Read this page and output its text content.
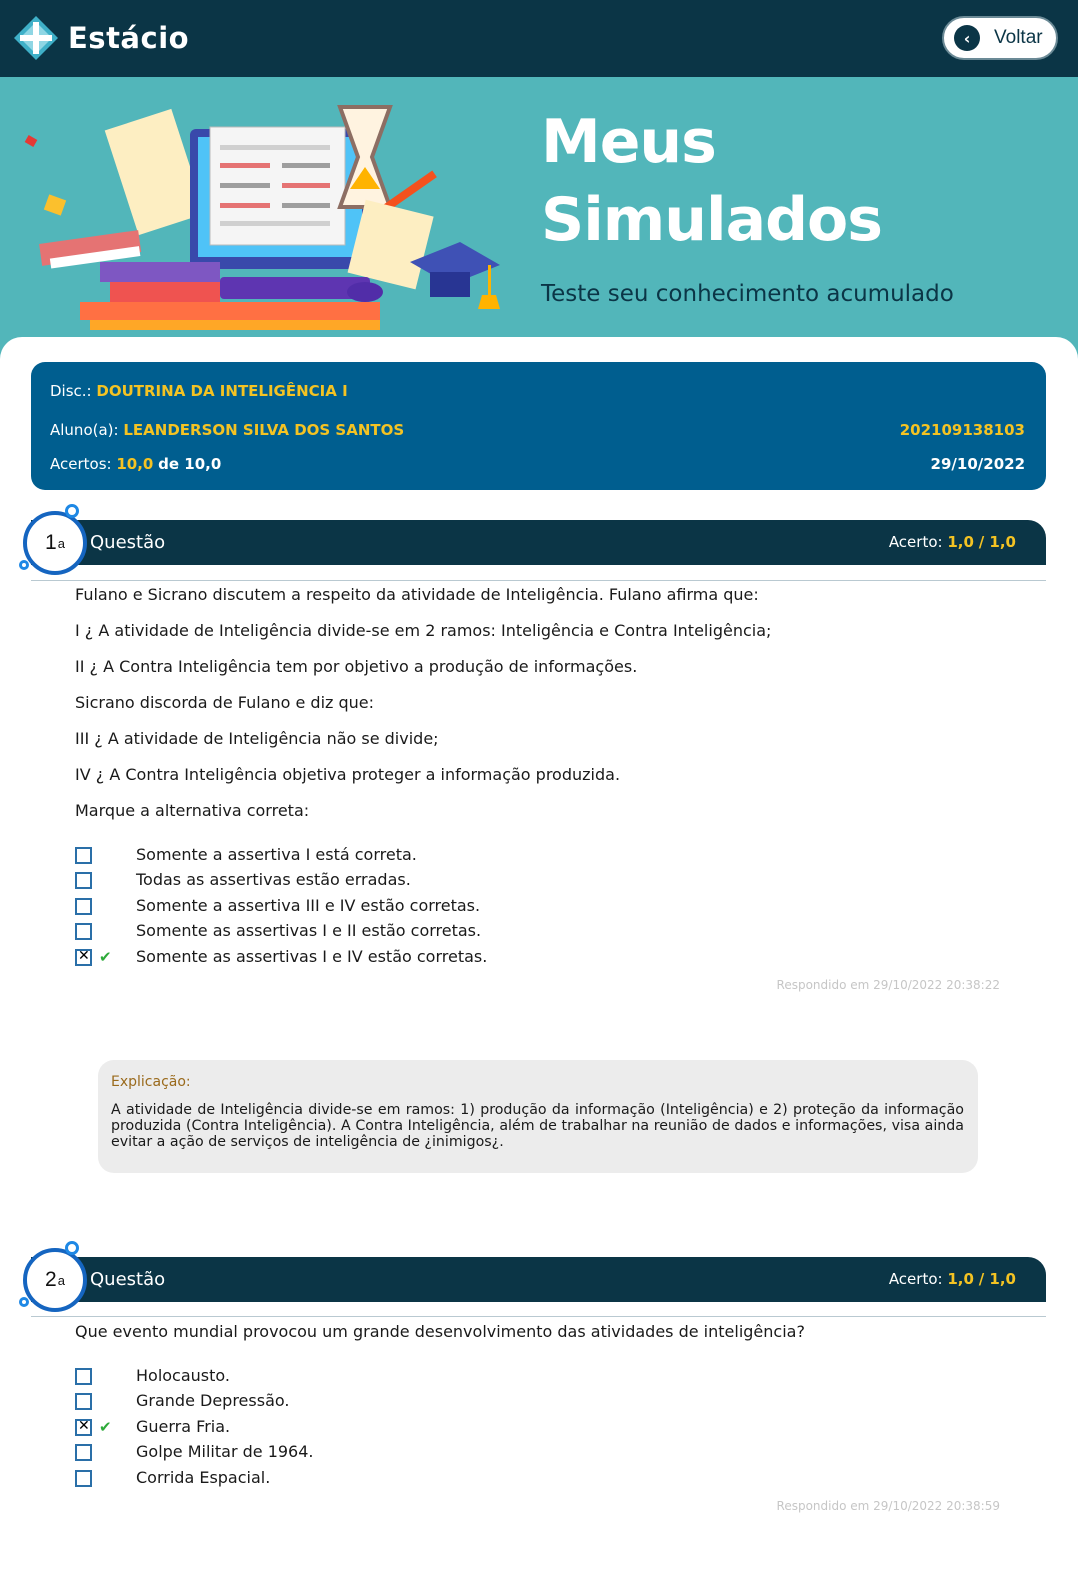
Estácio	‹	Voltar
Meus
Simulados
Teste seu conhecimento acumulado
Disc.: DOUTRINA DA INTELIGÊNCIA I
Aluno(a): LEANDERSON SILVA DOS SANTOS	202109138103
Acertos: 10,0 de 10,0	29/10/2022
Questão	Acerto: 1,0 / 1,0
1 a

Fulano e Sicrano discutem a respeito da atividade de Inteligência. Fulano afirma que:

I ¿ A atividade de Inteligência divide-se em 2 ramos: Inteligência e Contra Inteligência;

II ¿ A Contra Inteligência tem por objetivo a produção de informações.

Sicrano discorda de Fulano e diz que:

III ¿ A atividade de Inteligência não se divide;

IV ¿ A Contra Inteligência objetiva proteger a informação produzida.

Marque a alternativa correta:

Somente a assertiva I está correta.
Todas as assertivas estão erradas.
Somente a assertiva III e IV estão corretas.
Somente as assertivas I e II estão corretas.
✕
✔ Somente as assertivas I e IV estão corretas.
Respondido em 29/10/2022 20:38:22
Explicação:
A atividade de Inteligência divide-se em ramos: 1) produção da informação (Inteligência) e 2) proteção da informação produzida (Contra Inteligência). A Contra Inteligência, além de trabalhar na reunião de dados e informações, visa ainda evitar a ação de serviços de inteligência de ¿inimigos¿.
Questão	Acerto: 1,0 / 1,0
2 a

Que evento mundial provocou um grande desenvolvimento das atividades de inteligência?

Holocausto.
Grande Depressão.
✕
✔ Guerra Fria.
Golpe Militar de 1964.
Corrida Espacial.
Respondido em 29/10/2022 20:38:59
